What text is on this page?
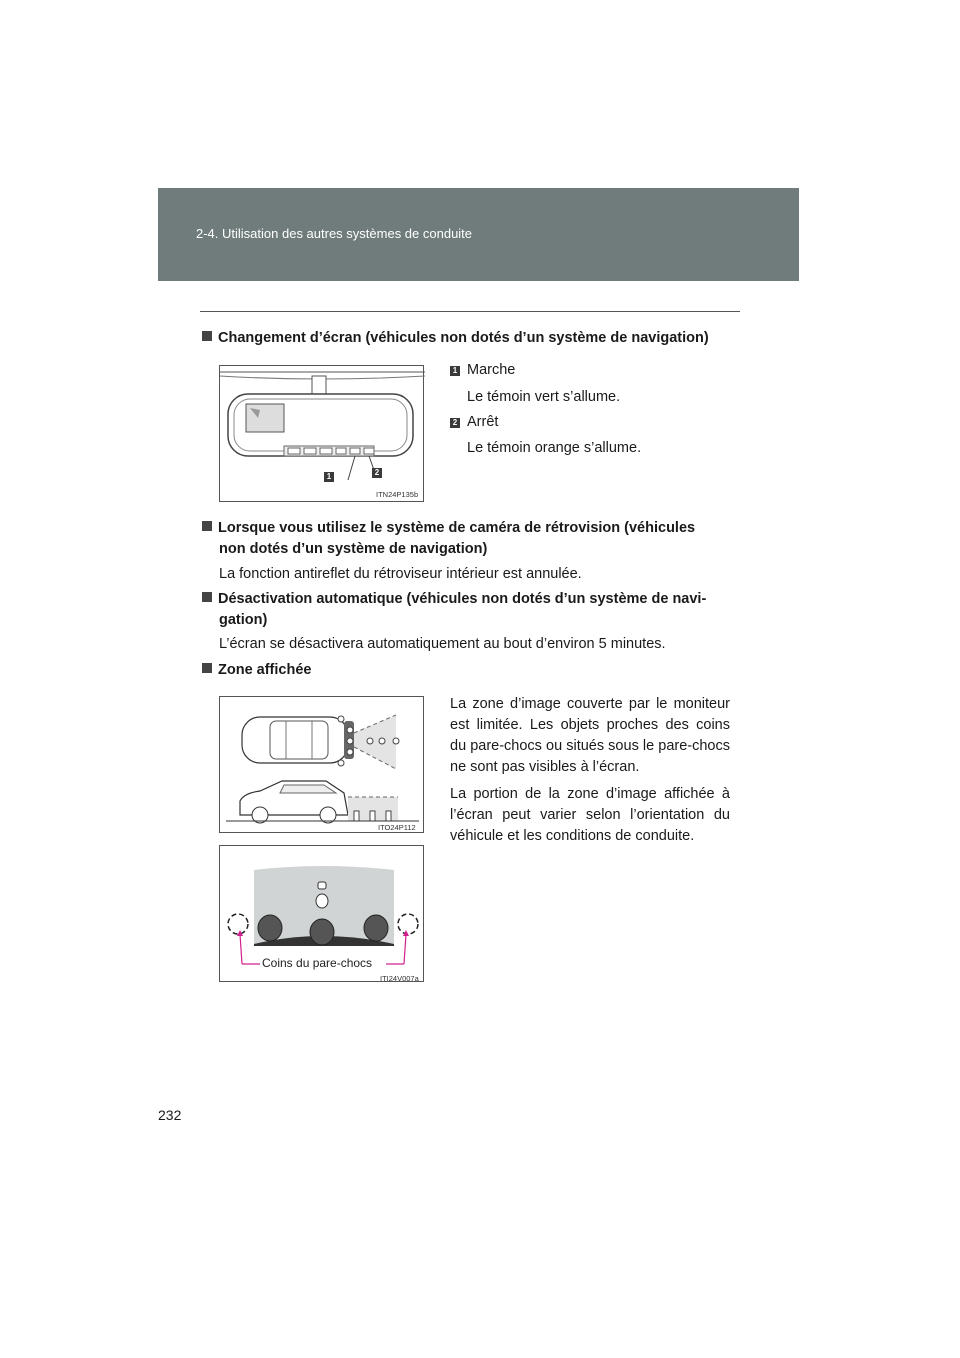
2-4. Utilisation des autres systèmes de conduite
Changement d’écran (véhicules non dotés d’un système de navigation)
1	2
ITN24P135b
1 Marche
Le témoin vert s’allume.
2 Arrêt
Le témoin orange s’allume.
Lorsque vous utilisez le système de caméra de rétrovision (véhicules
non dotés d’un système de navigation)
La fonction antireflet du rétroviseur intérieur est annulée.
Désactivation automatique (véhicules non dotés d’un système de navi-
gation)
L’écran se désactivera automatiquement au bout d’environ 5 minutes.
Zone affichée
ITO24P112
Coins du pare-chocs
ITI24V007a
La zone d’image couverte par le moniteur est limitée. Les objets proches des coins du pare-chocs ou situés sous le pare-chocs ne sont pas visibles à l’écran.
La portion de la zone d’image affichée à l’écran peut varier selon l’orientation du véhicule et les conditions de conduite.
232
